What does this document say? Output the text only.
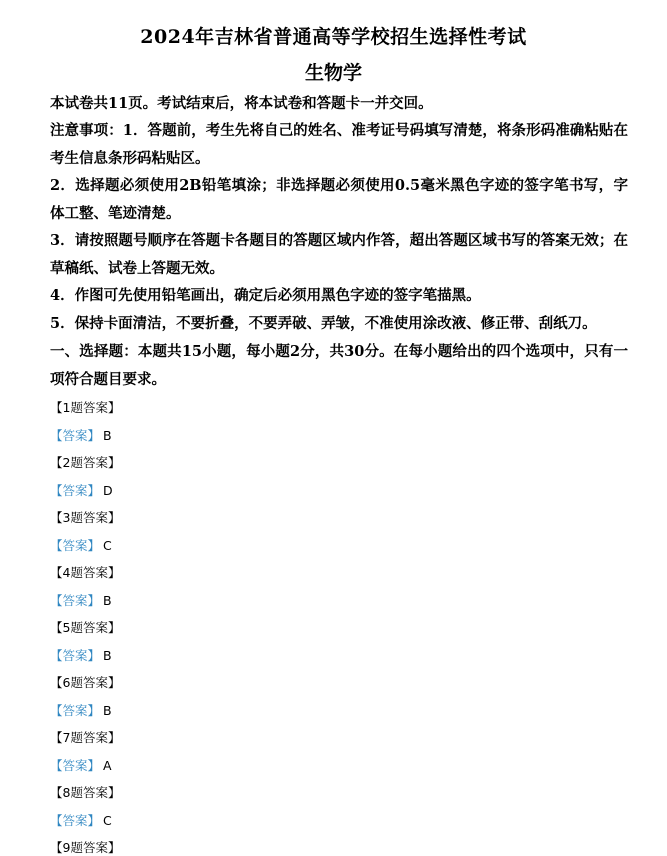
2024年吉林省普通高等学校招生选择性考试
生物学
本试卷共11页。考试结束后，将本试卷和答题卡一并交回。
注意事项：1．答题前，考生先将自己的姓名、准考证号码填写清楚，将条形码准确粘贴在考生信息条形码粘贴区。
2．选择题必须使用2B铅笔填涂；非选择题必须使用0.5毫米黑色字迹的签字笔书写，字体工整、笔迹清楚。
3．请按照题号顺序在答题卡各题目的答题区域内作答，超出答题区域书写的答案无效；在草稿纸、试卷上答题无效。
4．作图可先使用铅笔画出，确定后必须用黑色字迹的签字笔描黑。
5．保持卡面清洁，不要折叠，不要弄破、弄皱，不准使用涂改液、修正带、刮纸刀。
一、选择题：本题共15小题，每小题2分，共30分。在每小题给出的四个选项中，只有一项符合题目要求。
【1题答案】
【答案】 B
【2题答案】
【答案】 D
【3题答案】
【答案】 C
【4题答案】
【答案】 B
【5题答案】
【答案】 B
【6题答案】
【答案】 B
【7题答案】
【答案】 A
【8题答案】
【答案】 C
【9题答案】
